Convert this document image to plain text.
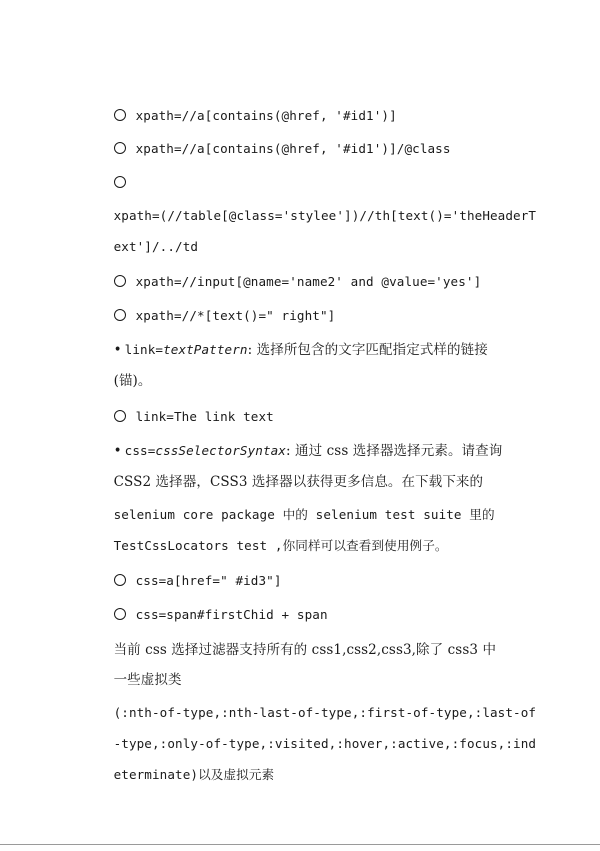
xpath=//a[contains(@href, '#id1')]

xpath=//a[contains(@href, '#id1')]/@class

xpath=(//table[@class='stylee'])//th[text()='theHeaderT

ext']/../td

xpath=//input[@name='name2' and @value='yes']

xpath=//*[text()=" right"]

• link=textPattern: 选择所包含的文字匹配指定式样的链接

(锚)。

link=The link text

• css=cssSelectorSyntax: 通过 css 选择器选择元素。请查询

CSS2 选择器，CSS3 选择器以获得更多信息。在下载下来的

selenium core package 中的 selenium test suite 里的

TestCssLocators test ,你同样可以查看到使用例子。

css=a[href=" #id3"]

css=span#firstChid + span

当前 css 选择过滤器支持所有的 css1,css2,css3,除了 css3 中

一些虚拟类

(:nth-of-type,:nth-last-of-type,:first-of-type,:last-of

-type,:only-of-type,:visited,:hover,:active,:focus,:ind

eterminate)以及虚拟元素
